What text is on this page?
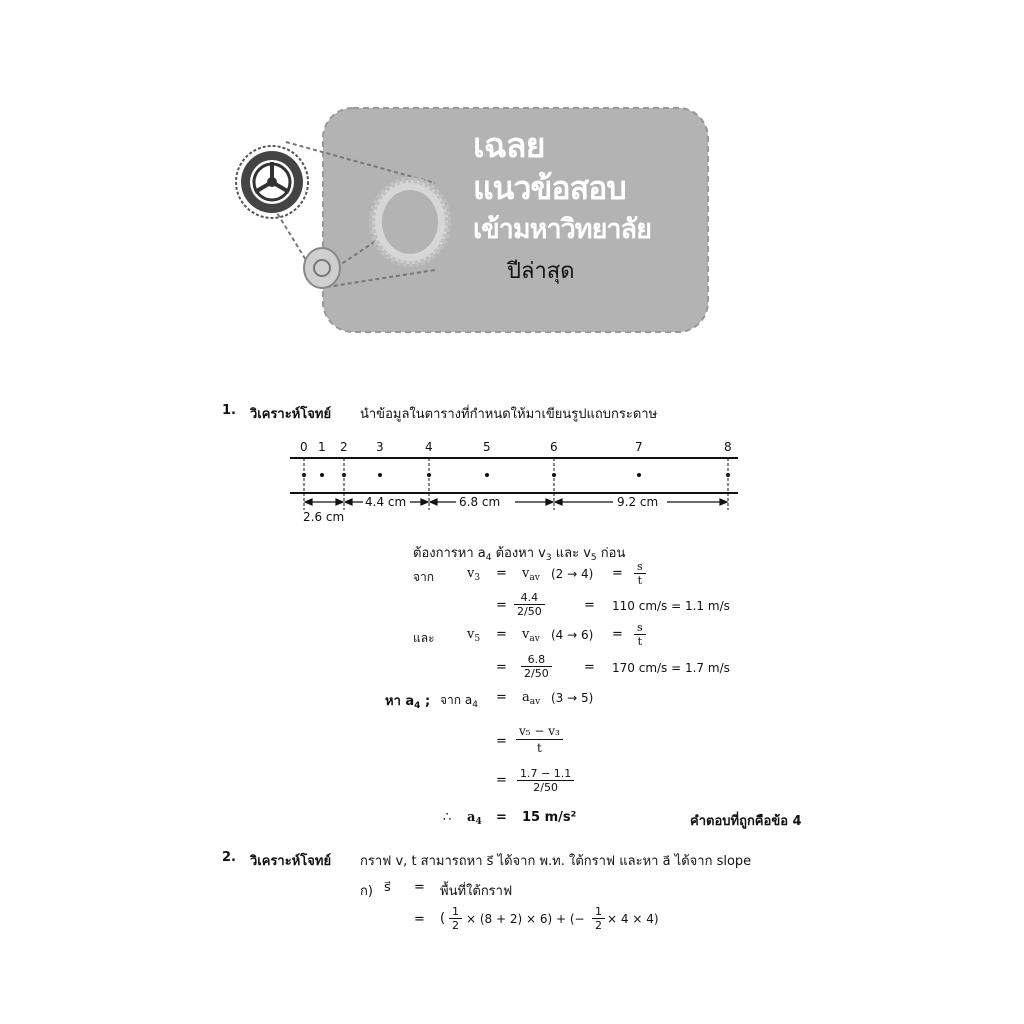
เฉลย
แนวข้อสอบ
เข้ามหาวิทยาลัย
ปีล่าสุด
1. วิเคราะห์โจทย์ นำข้อมูลในตารางที่กำหนดให้มาเขียนรูปแถบกระดาษ
0 1 2 3	4	5	6	7	8
4.4 cm	6.8 cm	9.2 cm
2.6 cm
ต้องการหา $a_4$ ต้องหา $v_3$ และ $v_5$ ก่อน
จาก	$v_3 = v_{av}$ $(2 \to 4) = \frac{s}{t}$
= $\frac{4.4}{2/50}$	= 110 cm/s = 1.1 m/s
และ $v_5 = v_{av}$ $(4 \to 6) = \frac{s}{t}$
= $\frac{6.8}{2/50} = 170$ cm/s = 1.7 m/s
หา $a_4$ ; จาก $a_4 = a_{av}$ (3 → 5)
= $\frac{\text{v₅ − v₃}}{t}$
= $\frac{1.7 - 1.1}{2/50}$
∴ $a_4 = 15$ m/s²	คำตอบที่ถูกคือข้อ 4
2. วิเคราะห์โจทย์ กราฟ v, t สามารถหา s⃗ ได้จาก พ.ท. ใต้กราฟ และหา a⃗ ได้จาก slope
ก) s⃗ = พื้นที่ใต้กราฟ
= ( $\frac{1}{2} \times (8 + 2) \times 6$) + (− $\frac{1}{2} \times 4 \times 4$)
